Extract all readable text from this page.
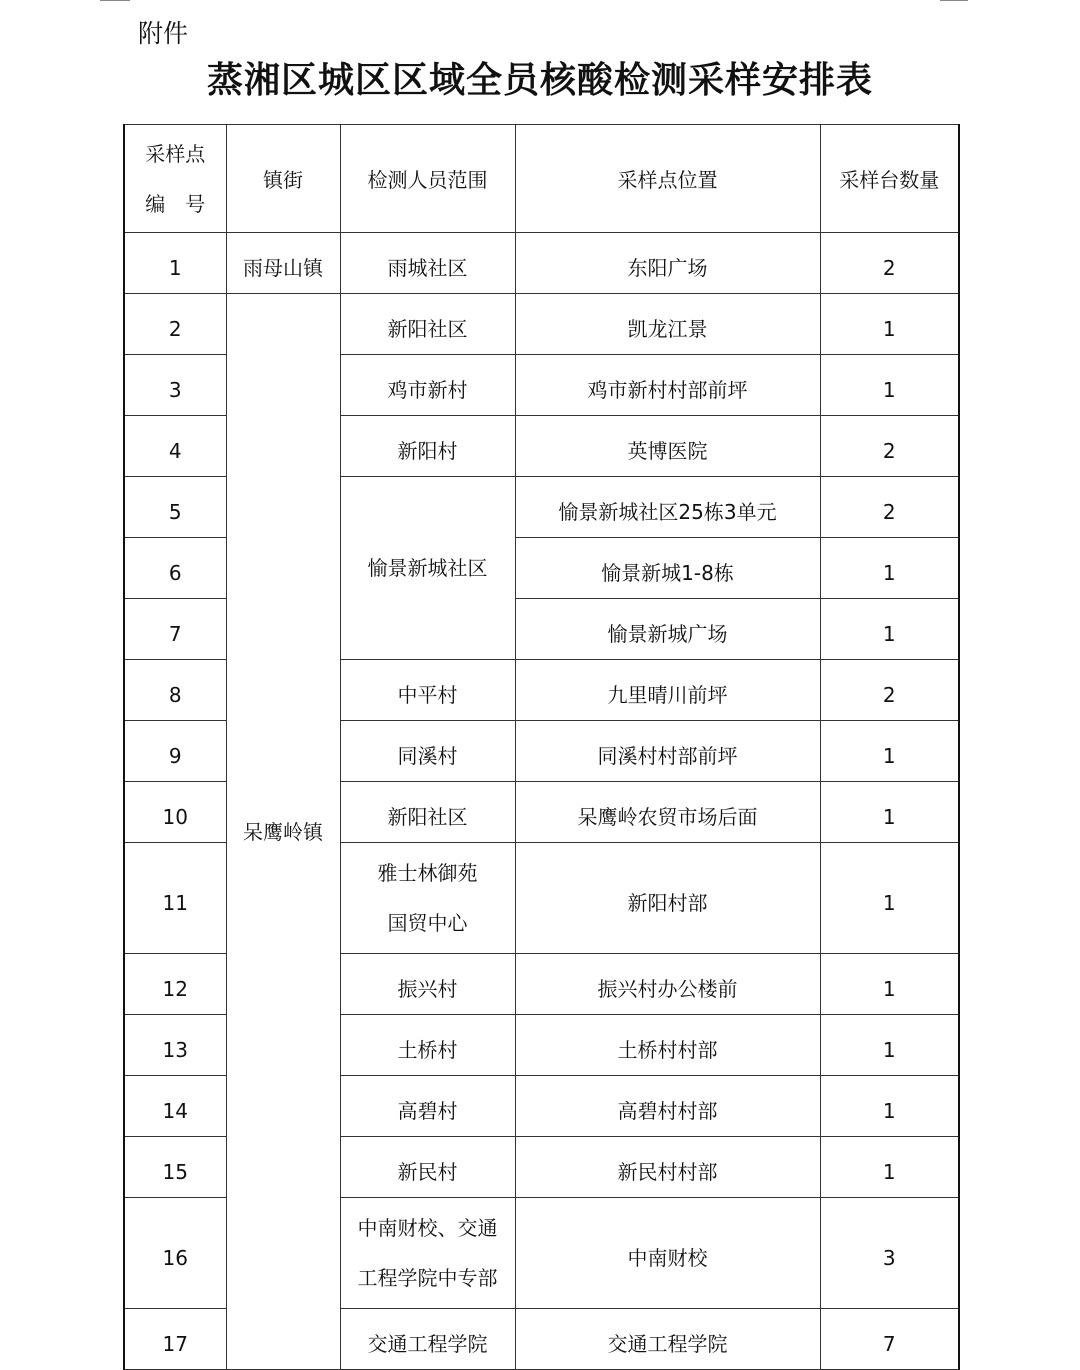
附件
蒸湘区城区区域全员核酸检测采样安排表
采样点
编　号	镇街	检测人员范围	采样点位置	采样台数量
1	雨母山镇	雨城社区	东阳广场	2
2	呆鹰岭镇	新阳社区	凯龙江景	1
3		鸡市新村	鸡市新村村部前坪	1
4		新阳村	英博医院	2
5		愉景新城社区	愉景新城社区25栋3单元	2
6			愉景新城1-8栋	1
7			愉景新城广场	1
8		中平村	九里晴川前坪	2
9		同溪村	同溪村村部前坪	1
10		新阳社区	呆鹰岭农贸市场后面	1
11		雅士林御苑
国贸中心	新阳村部	1
12		振兴村	振兴村办公楼前	1
13		土桥村	土桥村村部	1
14		高碧村	高碧村村部	1
15		新民村	新民村村部	1
16		中南财校、交通
工程学院中专部	中南财校	3
17		交通工程学院	交通工程学院	7
